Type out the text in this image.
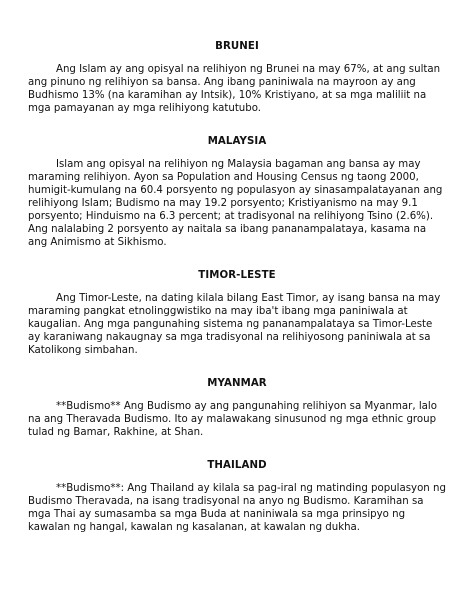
BRUNEI

Ang Islam ay ang opisyal na relihiyon ng Brunei na may 67%, at ang sultan ang pinuno ng relihiyon sa bansa. Ang ibang paniniwala na mayroon ay ang Budhismo 13% (na karamihan ay Intsik), 10% Kristiyano, at sa mga maliliit na mga pamayanan ay mga relihiyong katutubo.

MALAYSIA

Islam ang opisyal na relihiyon ng Malaysia bagaman ang bansa ay may maraming relihiyon. Ayon sa Population and Housing Census ng taong 2000, humigit-kumulang na 60.4 porsyento ng populasyon ay sinasampalatayanan ang relihiyong Islam; Budismo na may 19.2 porsyento; Kristiyanismo na may 9.1 porsyento; Hinduismo na 6.3 percent; at tradisyonal na relihiyong Tsino (2.6%). Ang nalalabing 2 porsyento ay naitala sa ibang pananampalataya, kasama na ang Animismo at Sikhismo.

TIMOR-LESTE

Ang Timor-Leste, na dating kilala bilang East Timor, ay isang bansa na may maraming pangkat etnolinggwistiko na may iba't ibang mga paniniwala at kaugalian. Ang mga pangunahing sistema ng pananampalataya sa Timor-Leste ay karaniwang nakaugnay sa mga tradisyonal na relihiyosong paniniwala at sa Katolikong simbahan.

MYANMAR

**Budismo** Ang Budismo ay ang pangunahing relihiyon sa Myanmar, lalo na ang Theravada Budismo. Ito ay malawakang sinusunod ng mga ethnic group tulad ng Bamar, Rakhine, at Shan.

THAILAND

**Budismo**: Ang Thailand ay kilala sa pag-iral ng matinding populasyon ng Budismo Theravada, na isang tradisyonal na anyo ng Budismo. Karamihan sa mga Thai ay sumasamba sa mga Buda at naniniwala sa mga prinsipyo ng kawalan ng hangal, kawalan ng kasalanan, at kawalan ng dukha.
